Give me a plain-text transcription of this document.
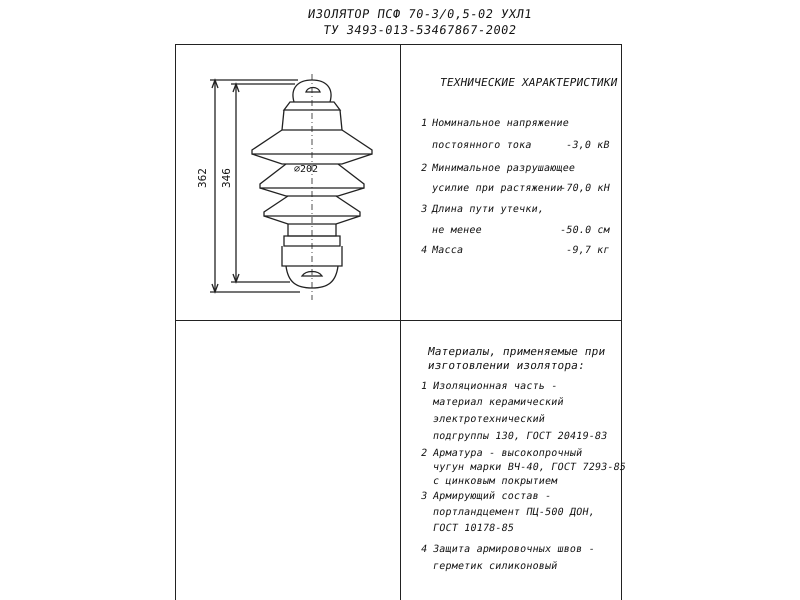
ИЗОЛЯТОР ПСФ 70-3/0,5-02 УХЛ1
ТУ 3493-013-53467867-2002
362 346	⌀202
ТЕХНИЧЕСКИЕ ХАРАКТЕРИСТИКИ
1 Номинальное напряжение
постоянного тока	-3,0 кВ
2 Минимальное разрушающее
усилие при растяжении
-70,0 кН
3 Длина пути утечки,
не менее	-50.0 см
4 Масса	-9,7 кг
Материалы, применяемые при
изготовлении изолятора:
1 Изоляционная часть -
материал керамический
электротехнический
подгруппы 130, ГОСТ 20419-83
2 Арматура - высокопрочный
чугун марки ВЧ-40, ГОСТ 7293-85
с цинковым покрытием
3 Армирующий состав -
портландцемент ПЦ-500 ДОН,
ГОСТ 10178-85
4 Защита армировочных швов -
герметик силиконовый
